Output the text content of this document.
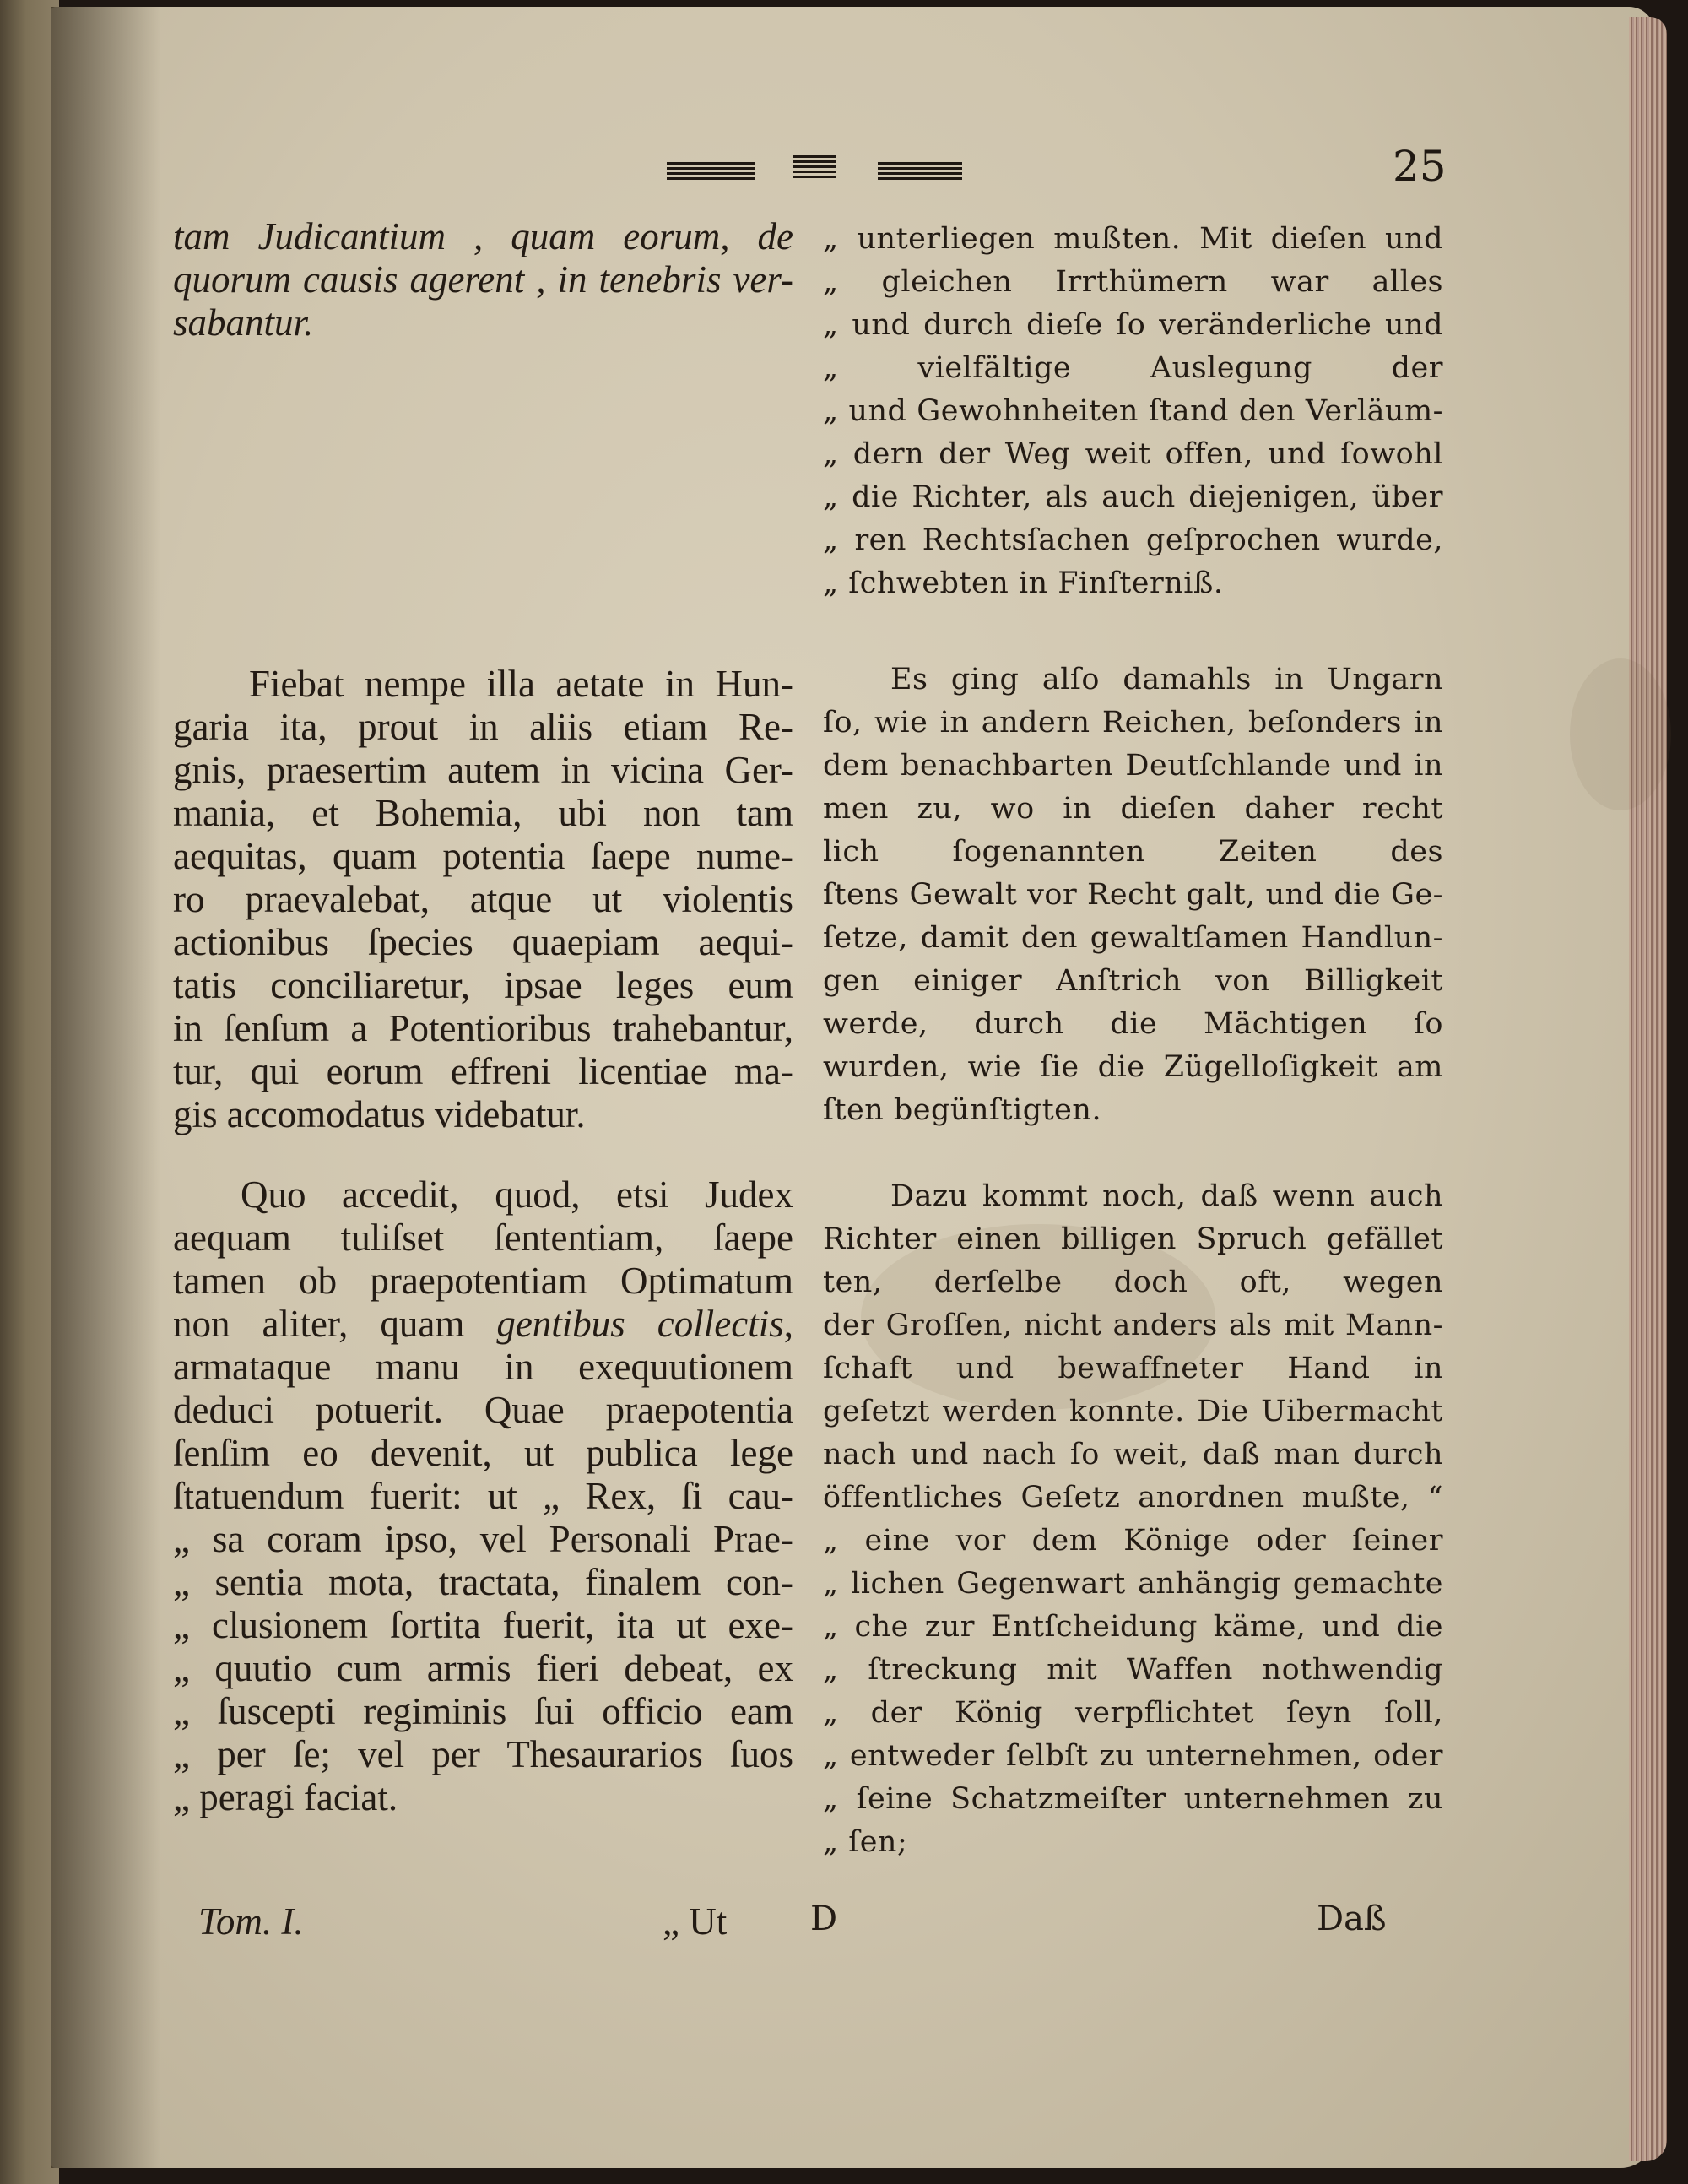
25
tam Judicantium , quam eorum, de
quorum causis agerent , in tenebris ver-
sabantur.
Fiebat nempe illa aetate in Hun-
garia ita, prout in aliis etiam Re-
gnis, praesertim autem in vicina Ger-
mania, et Bohemia, ubi non tam
aequitas, quam potentia ſaepe nume-
ro praevalebat, atque ut violentis
actionibus ſpecies quaepiam aequi-
tatis conciliaretur, ipsae leges eum
in ſenſum a Potentioribus trahebantur,
tur, qui eorum effreni licentiae ma-
gis accomodatus videbatur.
Quo accedit, quod, etsi Judex
aequam tuliſset ſententiam, ſaepe
tamen ob praepotentiam Optimatum
non aliter, quam gentibus collectis,
armataque manu in exequutionem
deduci potuerit. Quae praepotentia
ſenſim eo devenit, ut publica lege
ſtatuendum fuerit: ut „ Rex, ſi cau-
„ sa coram ipso, vel Personali Prae-
„ sentia mota, tractata, finalem con-
„ clusionem ſortita fuerit, ita ut exe-
„ quutio cum armis fieri debeat, ex
„ ſuscepti regiminis ſui officio eam
„ per ſe; vel per Thesaurarios ſuos
„ peragi faciat.
„ unterliegen mußten. Mit dieſen und
„ gleichen Irrthümern war alles
„ und durch dieſe ſo veränderliche und
„ vielfältige Auslegung der
„ und Gewohnheiten ſtand den Verläum-
„ dern der Weg weit offen, und ſowohl
„ die Richter, als auch diejenigen, über
„ ren Rechtsſachen geſprochen wurde,
„ ſchwebten in Finſterniß.
Es ging alſo damahls in Ungarn
ſo, wie in andern Reichen, beſonders in
dem benachbarten Deutſchlande und in
men zu, wo in dieſen daher recht
lich ſogenannten Zeiten des
ſtens Gewalt vor Recht galt, und die Ge-
ſetze, damit den gewaltſamen Handlun-
gen einiger Anſtrich von Billigkeit
werde, durch die Mächtigen ſo
wurden, wie ſie die Zügelloſigkeit am
ſten begünſtigten.
Dazu kommt noch, daß wenn auch
Richter einen billigen Spruch gefället
ten, derſelbe doch oft, wegen
der Groſſen, nicht anders als mit Mann-
ſchaft und bewaffneter Hand in
geſetzt werden konnte. Die Uibermacht
nach und nach ſo weit, daß man durch
öffentliches Geſetz anordnen mußte, “
„ eine vor dem Könige oder ſeiner
„ lichen Gegenwart anhängig gemachte
„ che zur Entſcheidung käme, und die
„ ſtreckung mit Waffen nothwendig
„ der König verpflichtet ſeyn ſoll,
„ entweder ſelbſt zu unternehmen, oder
„ ſeine Schatzmeiſter unternehmen zu
„ ſen;
Tom. I.	„ Ut D	Daß
